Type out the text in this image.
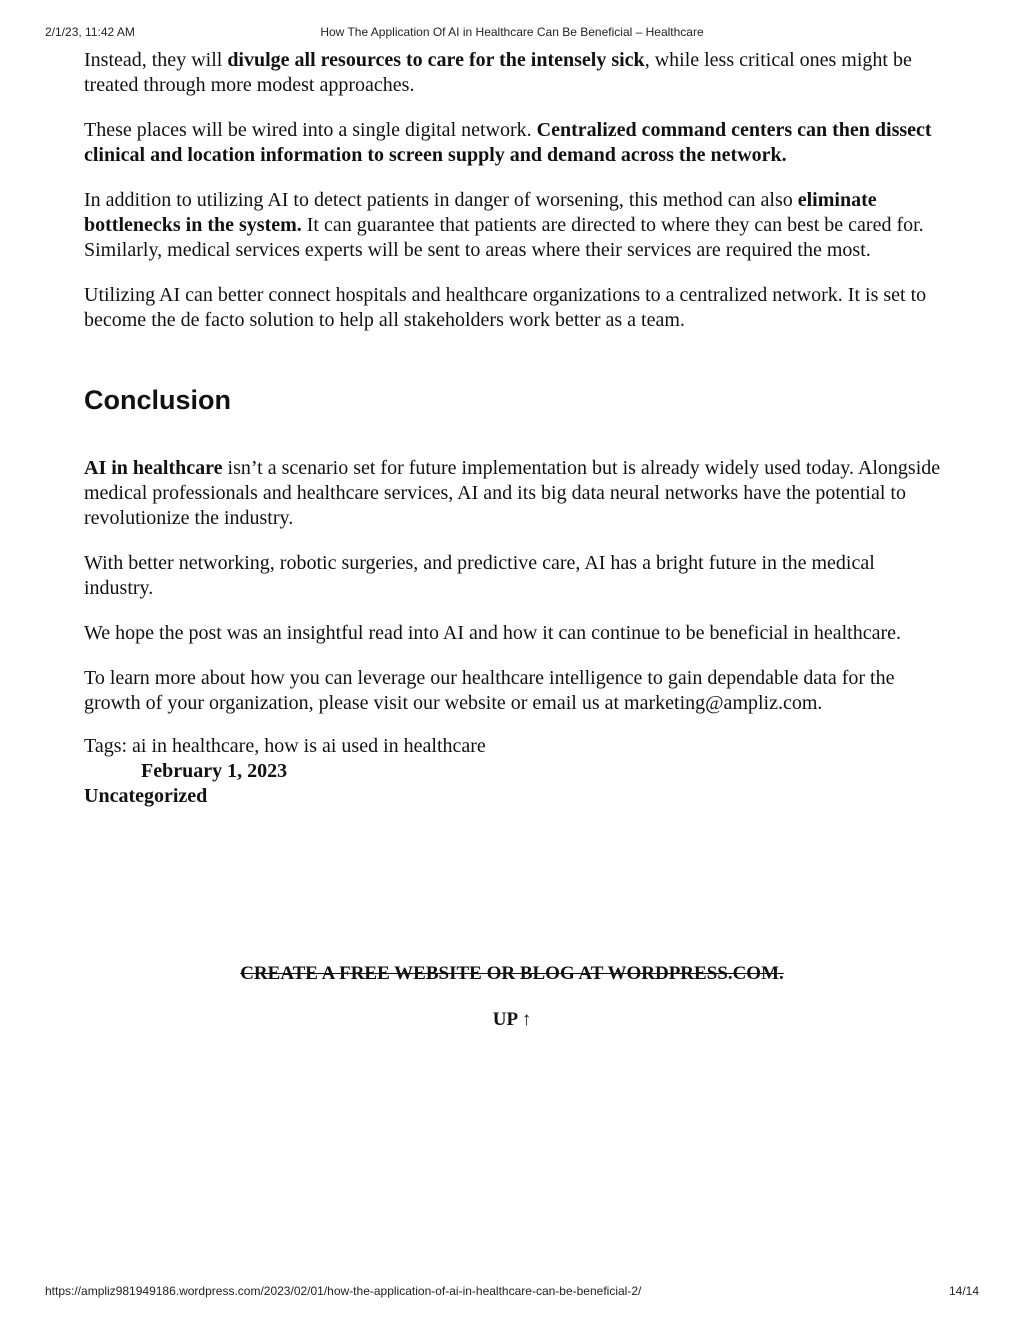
2/1/23, 11:42 AM	How The Application Of AI in Healthcare Can Be Beneficial – Healthcare

Instead, they will divulge all resources to care for the intensely sick, while less critical ones might be treated through more modest approaches.

These places will be wired into a single digital network. Centralized command centers can then dissect clinical and location information to screen supply and demand across the network.

In addition to utilizing AI to detect patients in danger of worsening, this method can also eliminate bottlenecks in the system. It can guarantee that patients are directed to where they can best be cared for. Similarly, medical services experts will be sent to areas where their services are required the most.

Utilizing AI can better connect hospitals and healthcare organizations to a centralized network. It is set to become the de facto solution to help all stakeholders work better as a team.

Conclusion

AI in healthcare isn’t a scenario set for future implementation but is already widely used today. Alongside medical professionals and healthcare services, AI and its big data neural networks have the potential to revolutionize the industry.

With better networking, robotic surgeries, and predictive care, AI has a bright future in the medical industry.

We hope the post was an insightful read into AI and how it can continue to be beneficial in healthcare.

To learn more about how you can leverage our healthcare intelligence to gain dependable data for the growth of your organization, please visit our website or email us at marketing@ampliz.com.

Tags: ai in healthcare, how is ai used in healthcare
February 1, 2023
Uncategorized
CREATE A FREE WEBSITE OR BLOG AT WORDPRESS.COM.
UP ↑
https://ampliz981949186.wordpress.com/2023/02/01/how-the-application-of-ai-in-healthcare-can-be-beneficial-2/	14/14
